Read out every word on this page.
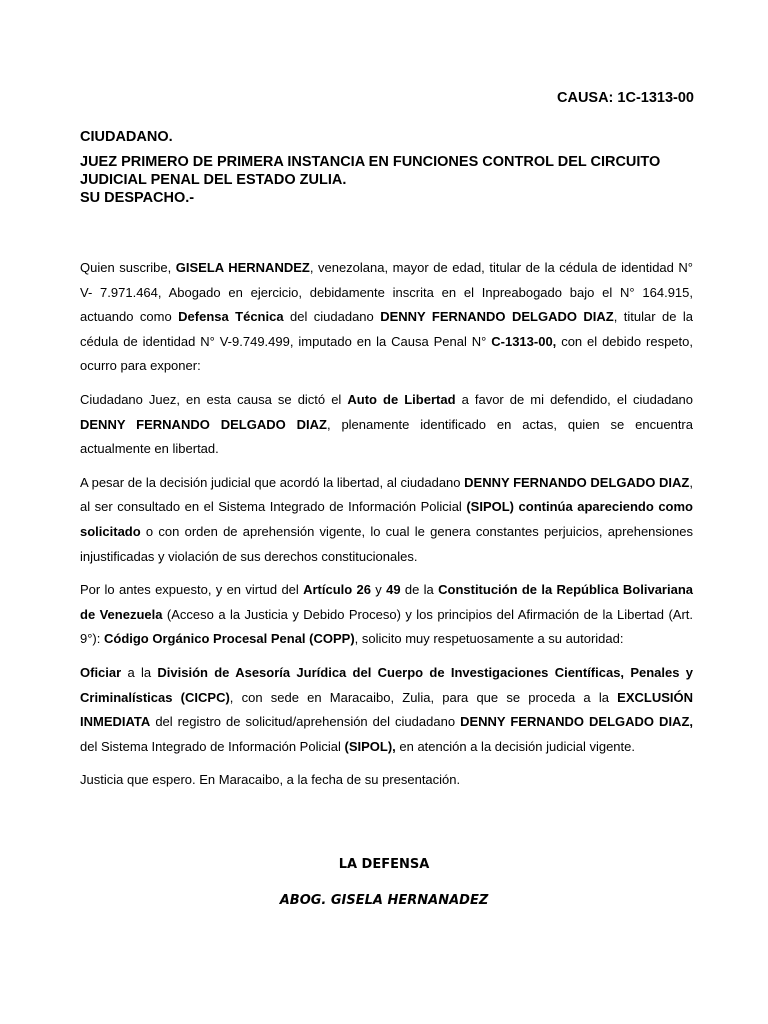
CAUSA: 1C-1313-00
CIUDADANO.
JUEZ PRIMERO DE PRIMERA INSTANCIA EN FUNCIONES CONTROL DEL CIRCUITO
JUDICIAL PENAL DEL ESTADO ZULIA.
SU DESPACHO.-

Quien suscribe, GISELA HERNANDEZ, venezolana, mayor de edad, titular de la cédula de identidad N° V- 7.971.464, Abogado en ejercicio, debidamente inscrita en el Inpreabogado bajo el N° 164.915, actuando como Defensa Técnica del ciudadano DENNY FERNANDO DELGADO DIAZ, titular de la cédula de identidad N° V-9.749.499, imputado en la Causa Penal N° C-1313-00, con el debido respeto, ocurro para exponer:

Ciudadano Juez, en esta causa se dictó el Auto de Libertad a favor de mi defendido, el ciudadano DENNY FERNANDO DELGADO DIAZ, plenamente identificado en actas, quien se encuentra actualmente en libertad.

A pesar de la decisión judicial que acordó la libertad, al ciudadano DENNY FERNANDO DELGADO DIAZ, al ser consultado en el Sistema Integrado de Información Policial (SIPOL) continúa apareciendo como solicitado o con orden de aprehensión vigente, lo cual le genera constantes perjuicios, aprehensiones injustificadas y violación de sus derechos constitucionales.

Por lo antes expuesto, y en virtud del Artículo 26 y 49 de la Constitución de la República Bolivariana de Venezuela (Acceso a la Justicia y Debido Proceso) y los principios del Afirmación de la Libertad (Art. 9°): Código Orgánico Procesal Penal (COPP), solicito muy respetuosamente a su autoridad:

Oficiar a la División de Asesoría Jurídica del Cuerpo de Investigaciones Científicas, Penales y Criminalísticas (CICPC), con sede en Maracaibo, Zulia, para que se proceda a la EXCLUSIÓN INMEDIATA del registro de solicitud/aprehensión del ciudadano DENNY FERNANDO DELGADO DIAZ, del Sistema Integrado de Información Policial (SIPOL), en atención a la decisión judicial vigente.

Justicia que espero. En Maracaibo, a la fecha de su presentación.

LA DEFENSA
ABOG. GISELA HERNANADEZ
